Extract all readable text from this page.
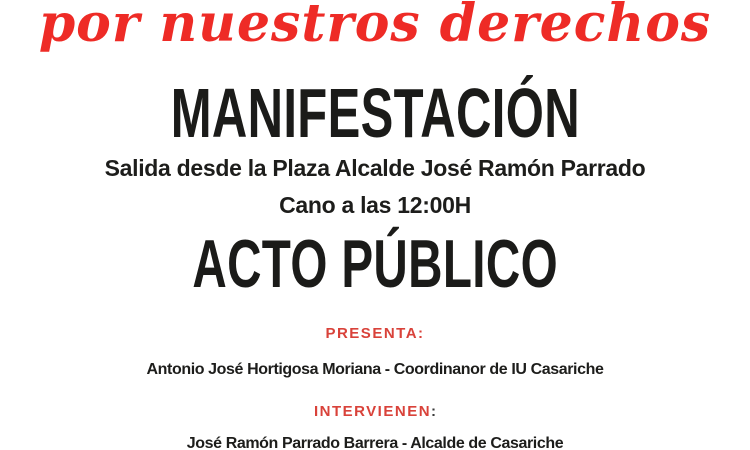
por nuestros derechos
MANIFESTACIÓN
Salida desde la Plaza Alcalde José Ramón Parrado
Cano a las 12:00H
ACTO PÚBLICO
PRESENTA:
Antonio José Hortigosa Moriana - Coordinanor de IU Casariche
INTERVIENEN:
José Ramón Parrado Barrera - Alcalde de Casariche
